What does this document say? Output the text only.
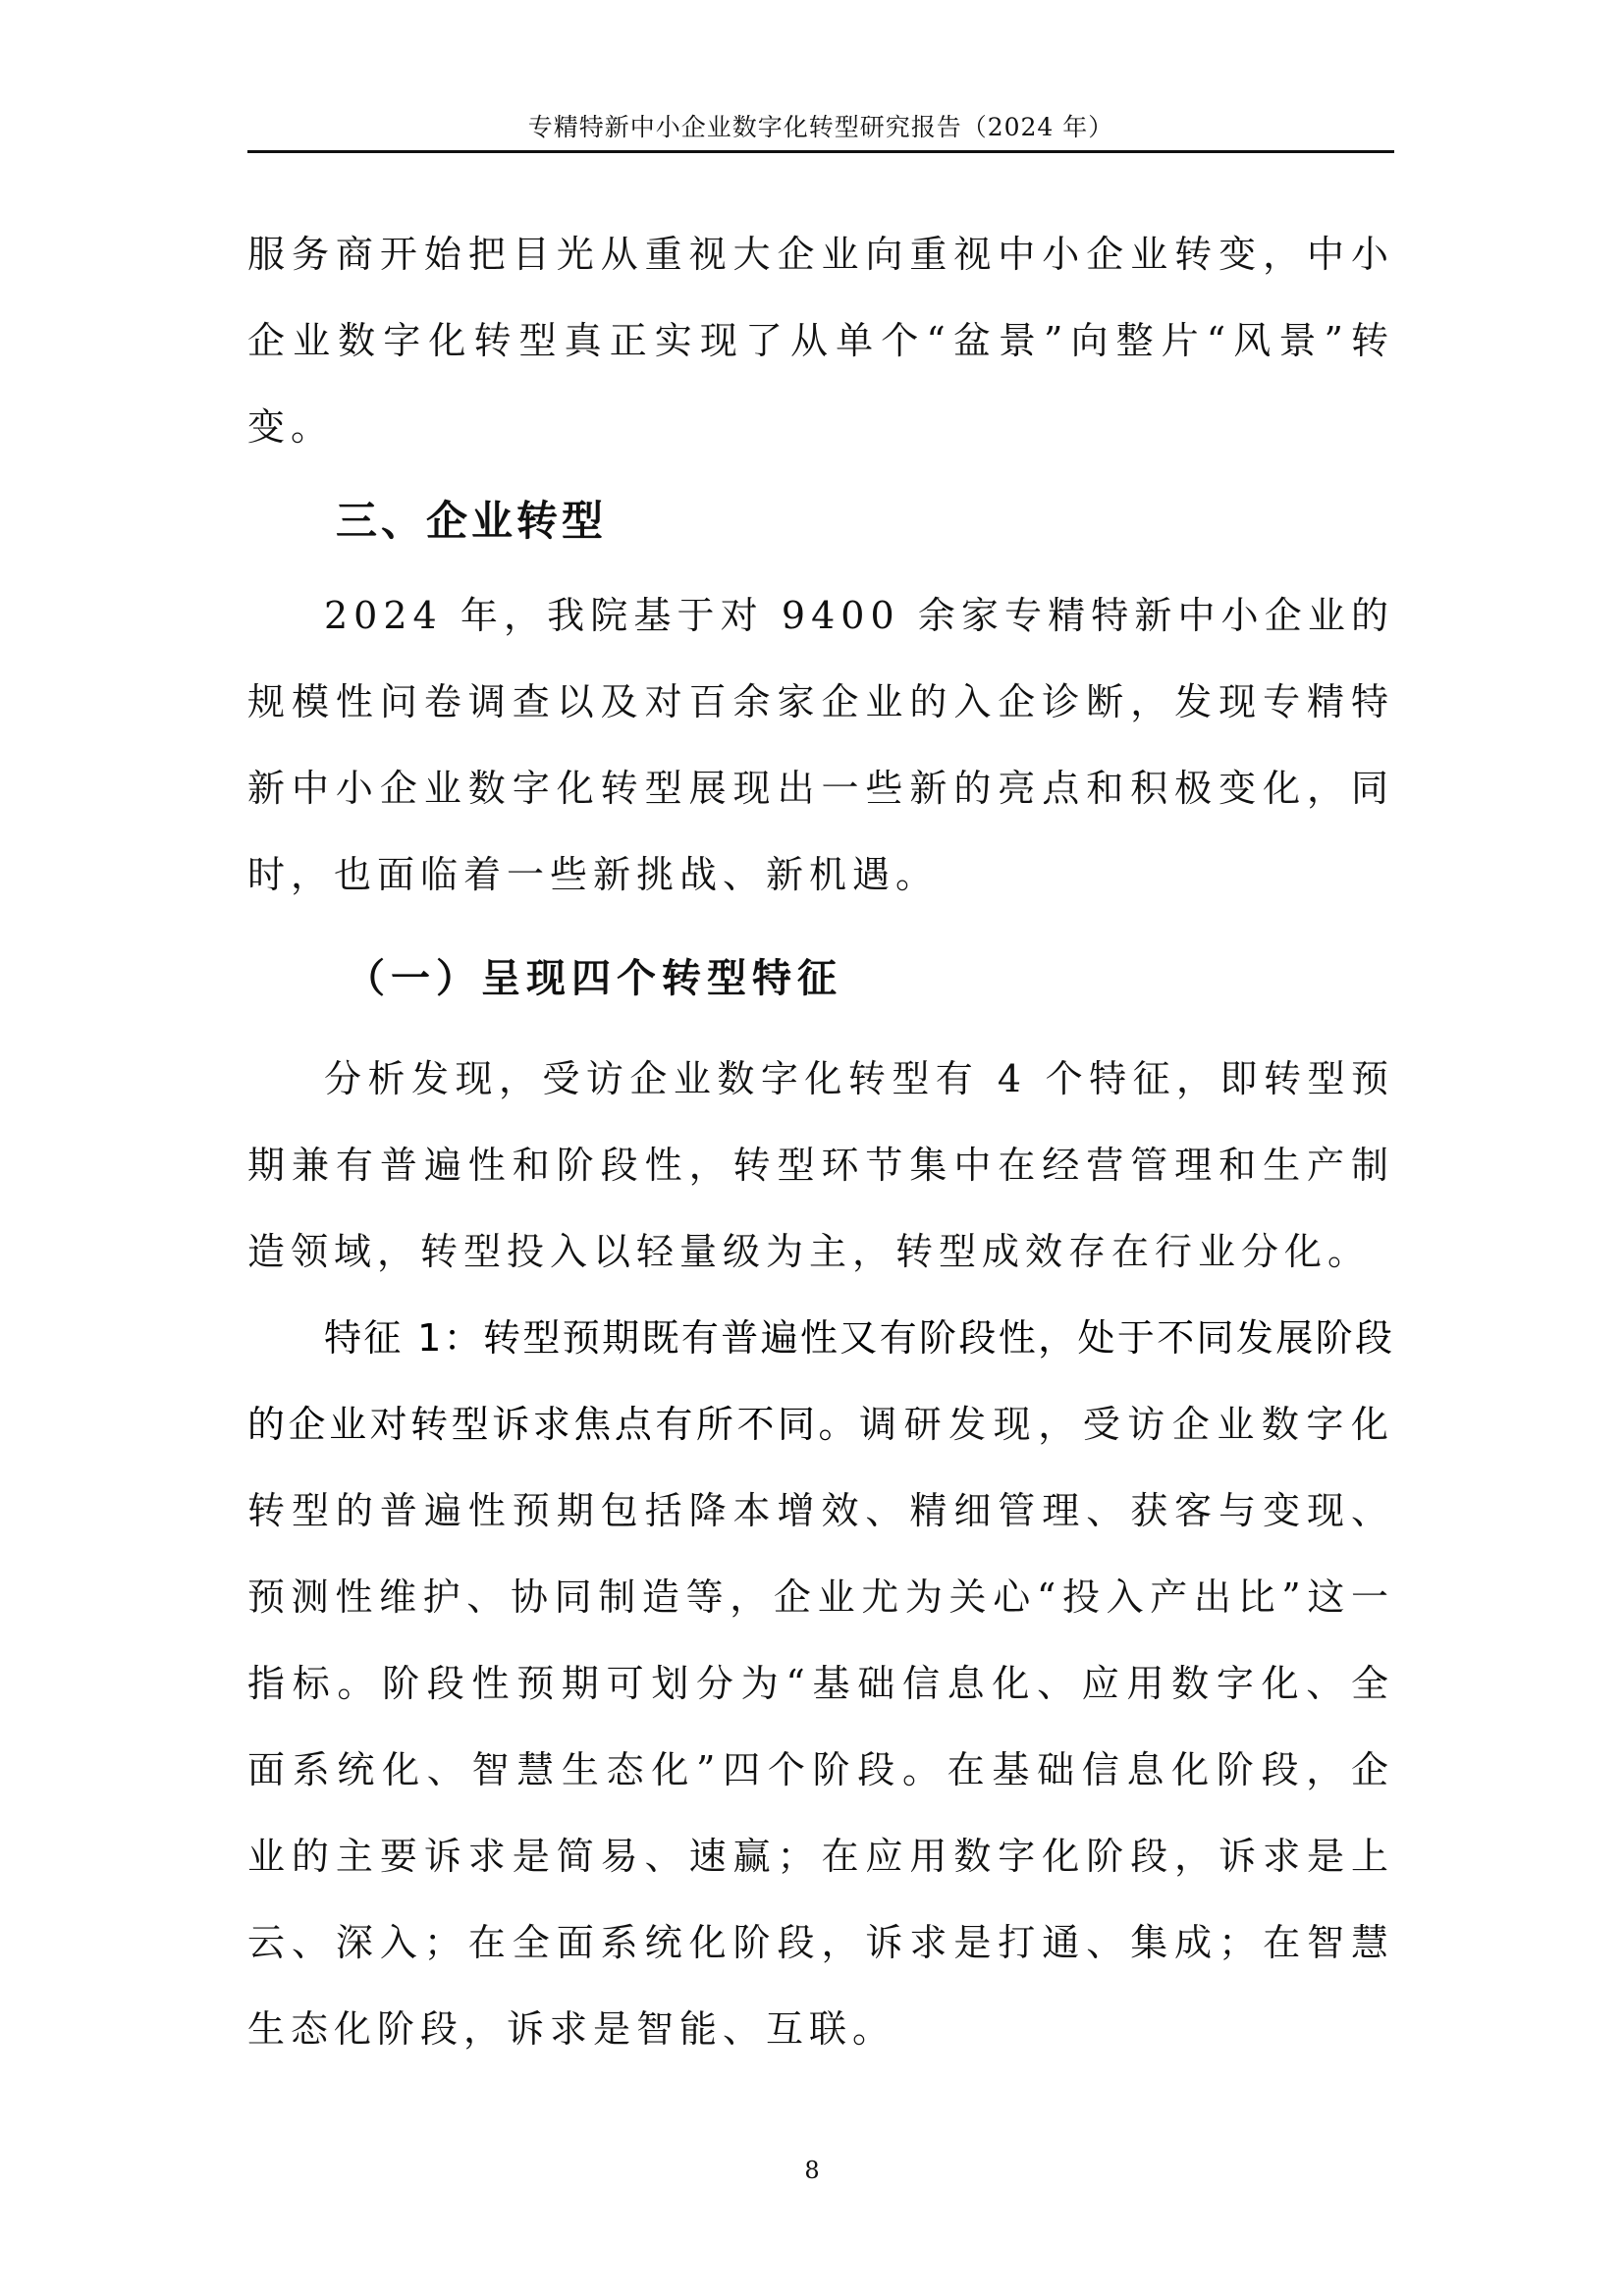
专精特新中小企业数字化转型研究报告（2024 年）

服务商开始把目光从重视大企业向重视中小企业转变，中小企业数字化转型真正实现了从单个“盆景”向整片“风景”转变。

三、企业转型

2024 年，我院基于对 9400 余家专精特新中小企业的规模性问卷调查以及对百余家企业的入企诊断，发现专精特新中小企业数字化转型展现出一些新的亮点和积极变化，同时，也面临着一些新挑战、新机遇。

（一）呈现四个转型特征

分析发现，受访企业数字化转型有 4 个特征，即转型预期兼有普遍性和阶段性，转型环节集中在经营管理和生产制造领域，转型投入以轻量级为主，转型成效存在行业分化。

特征 1：转型预期既有普遍性又有阶段性，处于不同发展阶段的企业对转型诉求焦点有所不同。调研发现，受访企业数字化转型的普遍性预期包括降本增效、精细管理、获客与变现、预测性维护、协同制造等，企业尤为关心“投入产出比”这一指标。阶段性预期可划分为“基础信息化、应用数字化、全面系统化、智慧生态化”四个阶段。在基础信息化阶段，企业的主要诉求是简易、速赢；在应用数字化阶段，诉求是上云、深入；在全面系统化阶段，诉求是打通、集成；在智慧生态化阶段，诉求是智能、互联。

8
